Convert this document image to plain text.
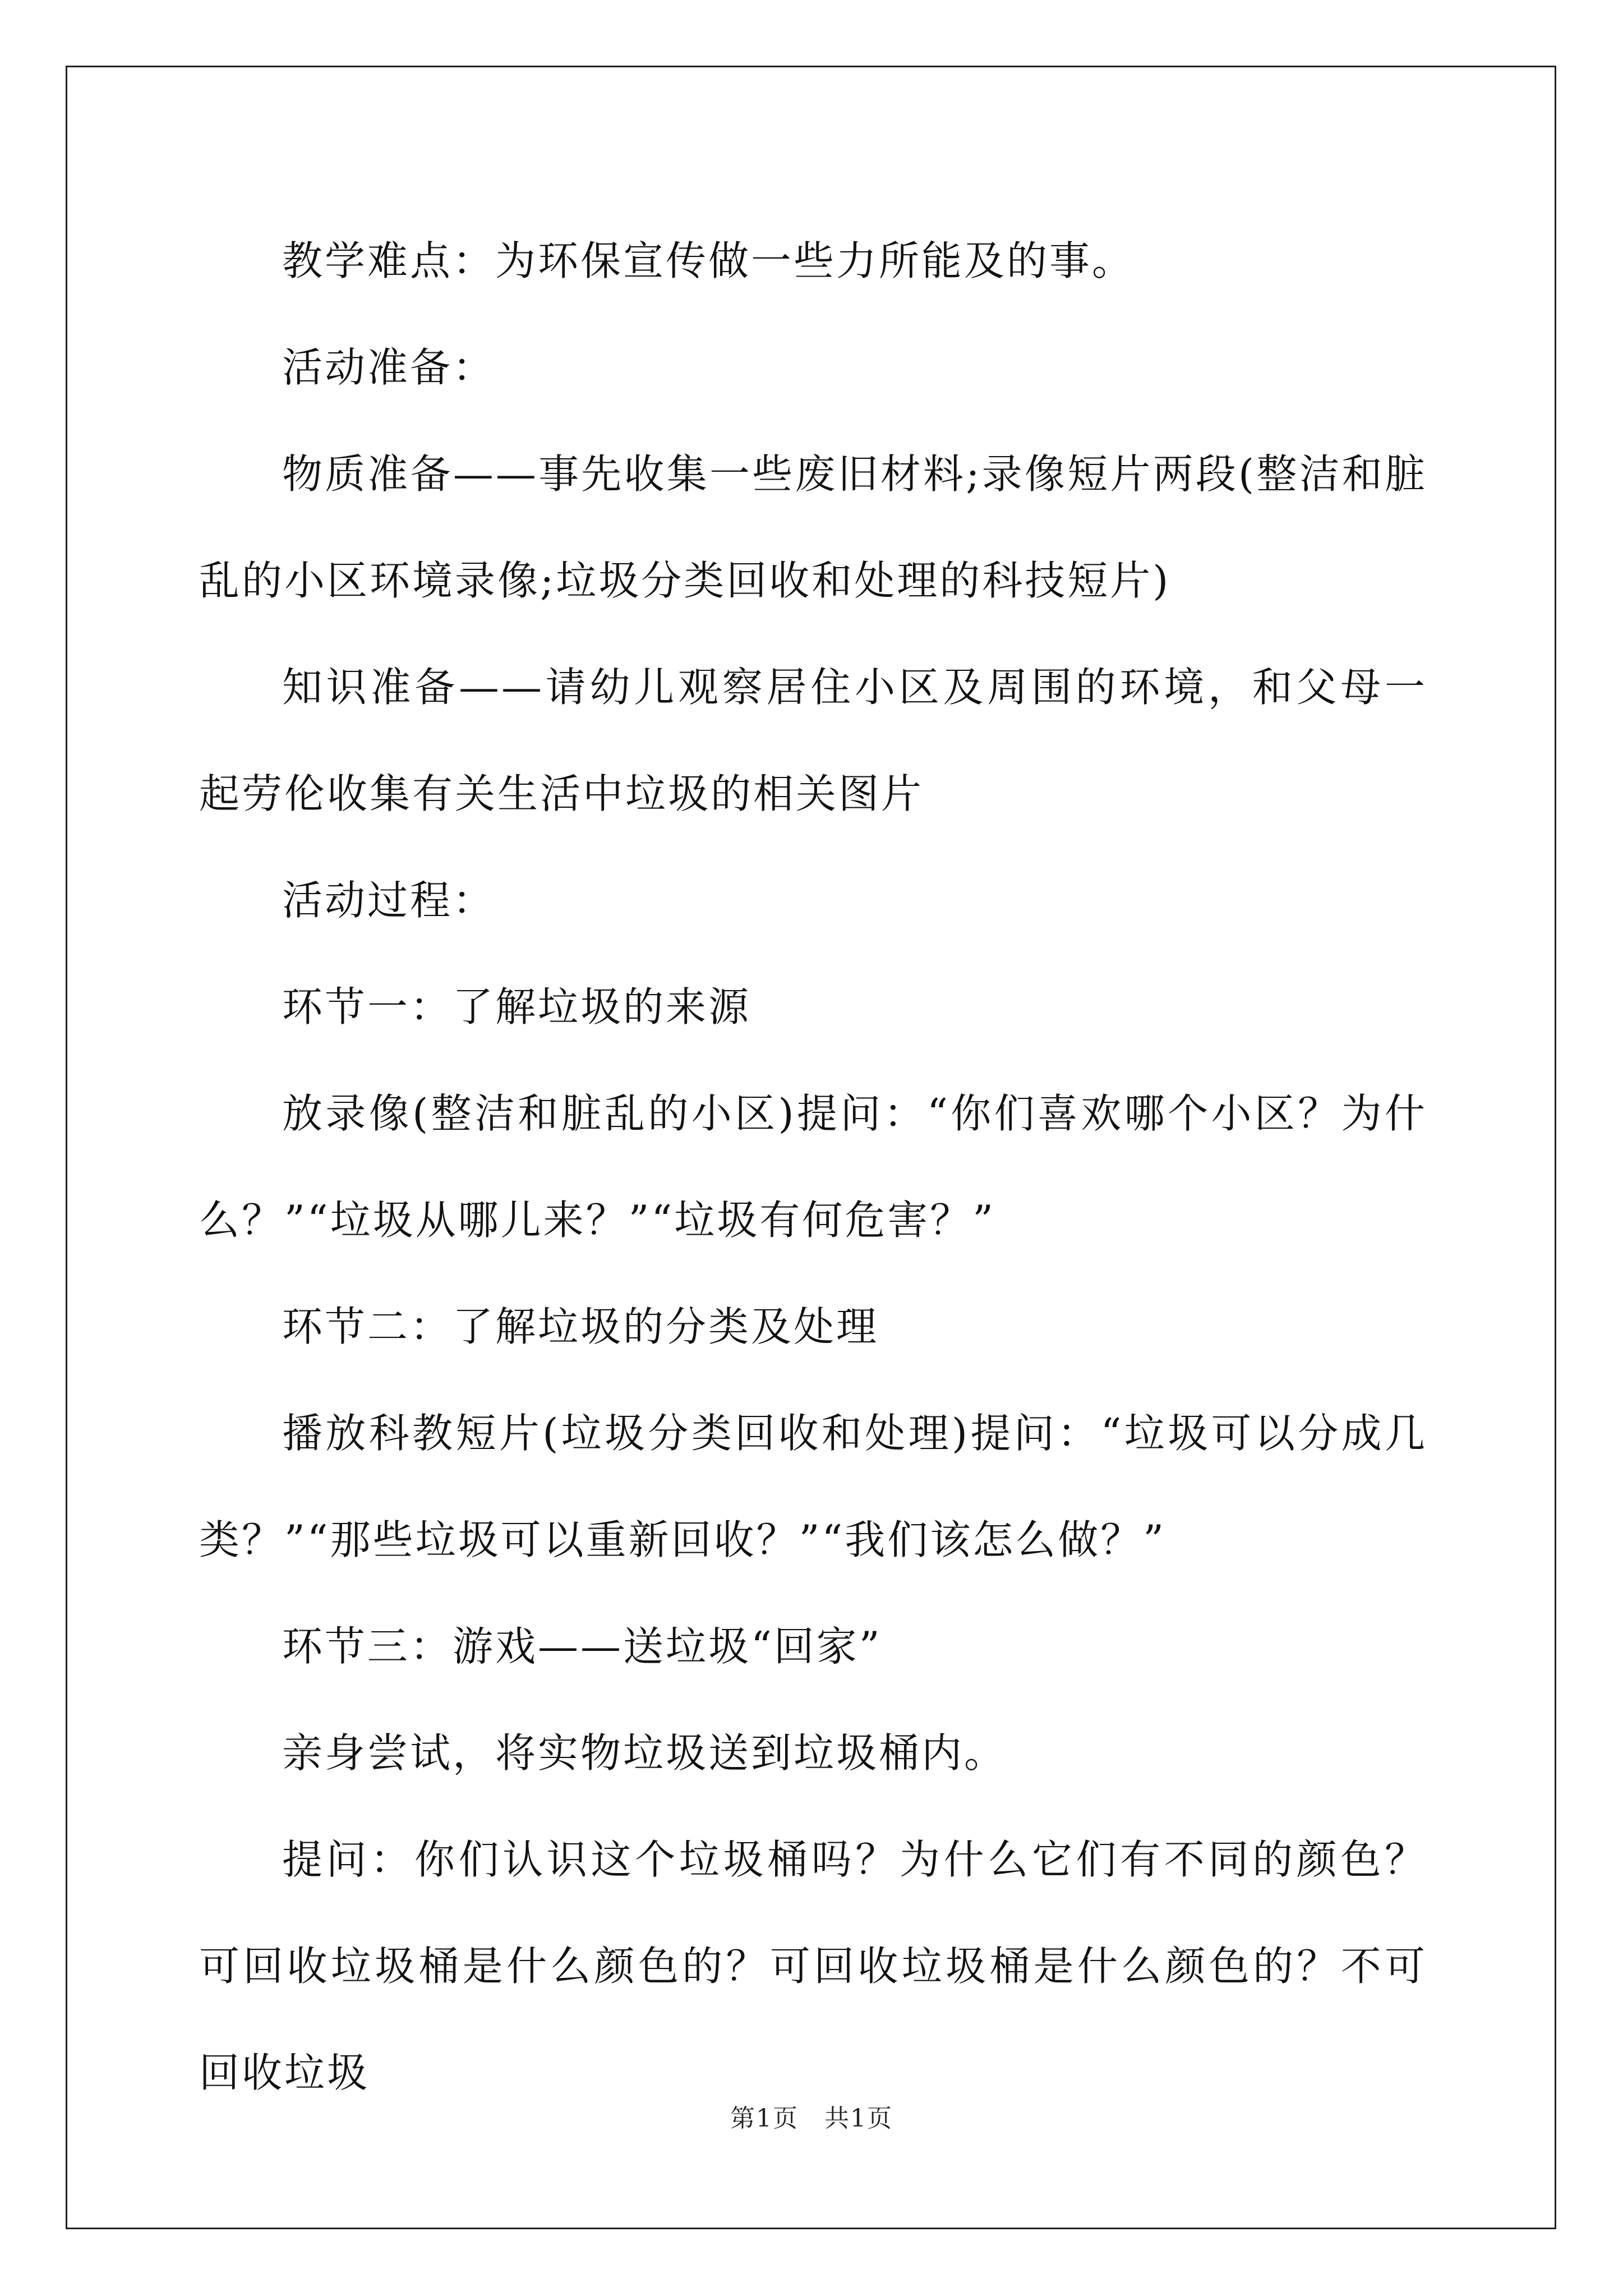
教学难点：为环保宣传做一些力所能及的事。

活动准备：

物质准备——事先收集一些废旧材料;录像短片两段(整洁和脏乱的小区环境录像;垃圾分类回收和处理的科技短片)

知识准备——请幼儿观察居住小区及周围的环境，和父母一起劳伦收集有关生活中垃圾的相关图片

活动过程：

环节一：了解垃圾的来源

放录像(整洁和脏乱的小区)提问：“你们喜欢哪个小区？为什么？”“垃圾从哪儿来？”“垃圾有何危害？”

环节二：了解垃圾的分类及处理

播放科教短片(垃圾分类回收和处理)提问：“垃圾可以分成几类？”“那些垃圾可以重新回收？”“我们该怎么做？”

环节三：游戏——送垃圾“回家”

亲身尝试，将实物垃圾送到垃圾桶内。

提问：你们认识这个垃圾桶吗？为什么它们有不同的颜色？可回收垃圾桶是什么颜色的？可回收垃圾桶是什么颜色的？不可回收垃圾

第1页　共1页
